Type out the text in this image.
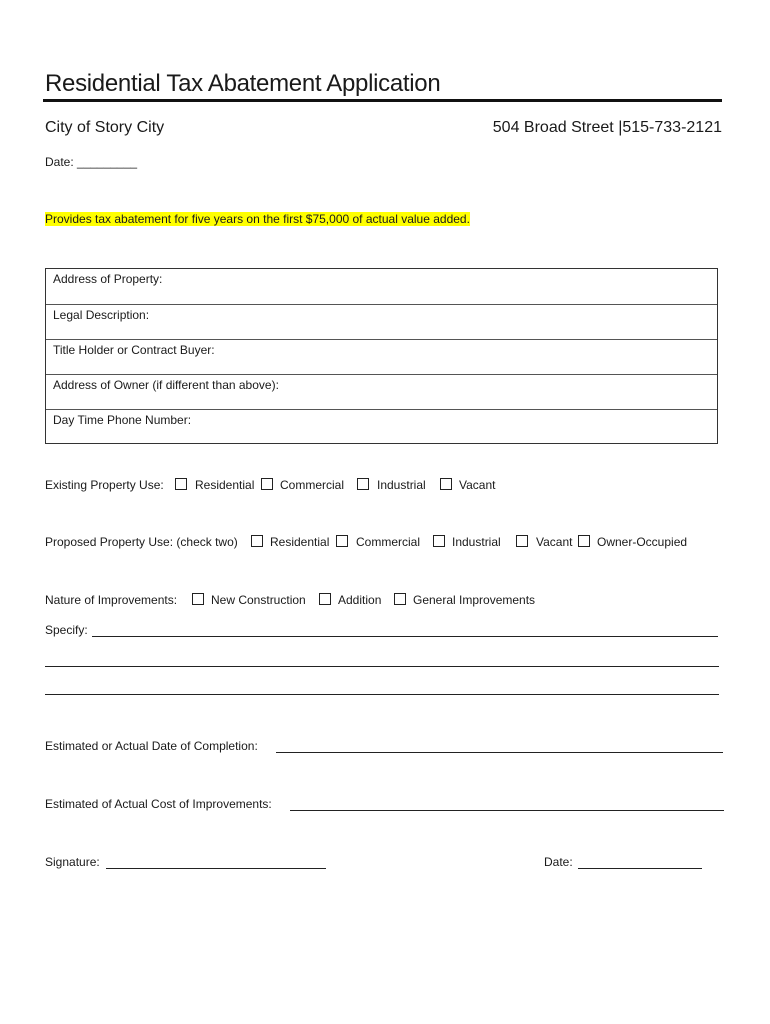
Residential Tax Abatement Application
City of Story City	504 Broad Street |515-733-2121
Date: _________
Provides tax abatement for five years on the first $75,000 of actual value added.
Address of Property:
Legal Description:
Title Holder or Contract Buyer:
Address of Owner (if different than above):
Day Time Phone Number:
Existing Property Use:	Residential Commercial	Industrial	Vacant
Proposed Property Use: (check two)	Residential Commercial	Industrial	Vacant Owner-Occupied
Nature of Improvements:	New Construction	Addition	General Improvements
Specify:
Estimated or Actual Date of Completion:
Estimated of Actual Cost of Improvements:
Signature:	Date:
